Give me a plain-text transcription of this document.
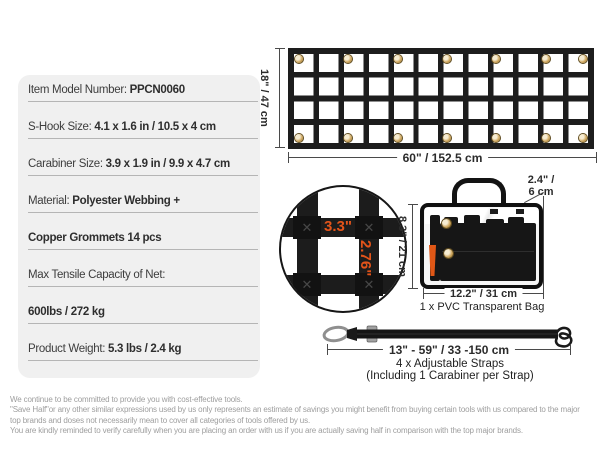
Item Model Number: PPCN0060
S-Hook Size: 4.1 x 1.6 in / 10.5 x 4 cm
Carabiner Size: 3.9 x 1.9 in / 9.9 x 4.7 cm
Material: Polyester Webbing +
Copper Grommets 14 pcs
Max Tensile Capacity of Net:
600lbs / 272 kg
Product Weight: 5.3 lbs / 2.4 kg
18" / 47 cm
60" / 152.5 cm
✕	✕
✕	✕
3.3"
2.76" 8.3" / 21 cm
2.4" /
6 cm
12.2" / 31 cm
1 x PVC Transparent Bag
13" - 59" / 33 -150 cm
4 x Adjustable Straps
(Including 1 Carabiner per Strap)
We continue to be committed to provide you with cost-effective tools.
"Save Half"or any other similar expressions used by us only represents an estimate of savings you might benefit from buying certain tools with us compared to the major
top brands and doses not necessarily mean to cover all categories of tools offered by us.
You are kindly reminded to verify carefully when you are placing an order with us if you are actually saving half in comparison with the top major brands.
